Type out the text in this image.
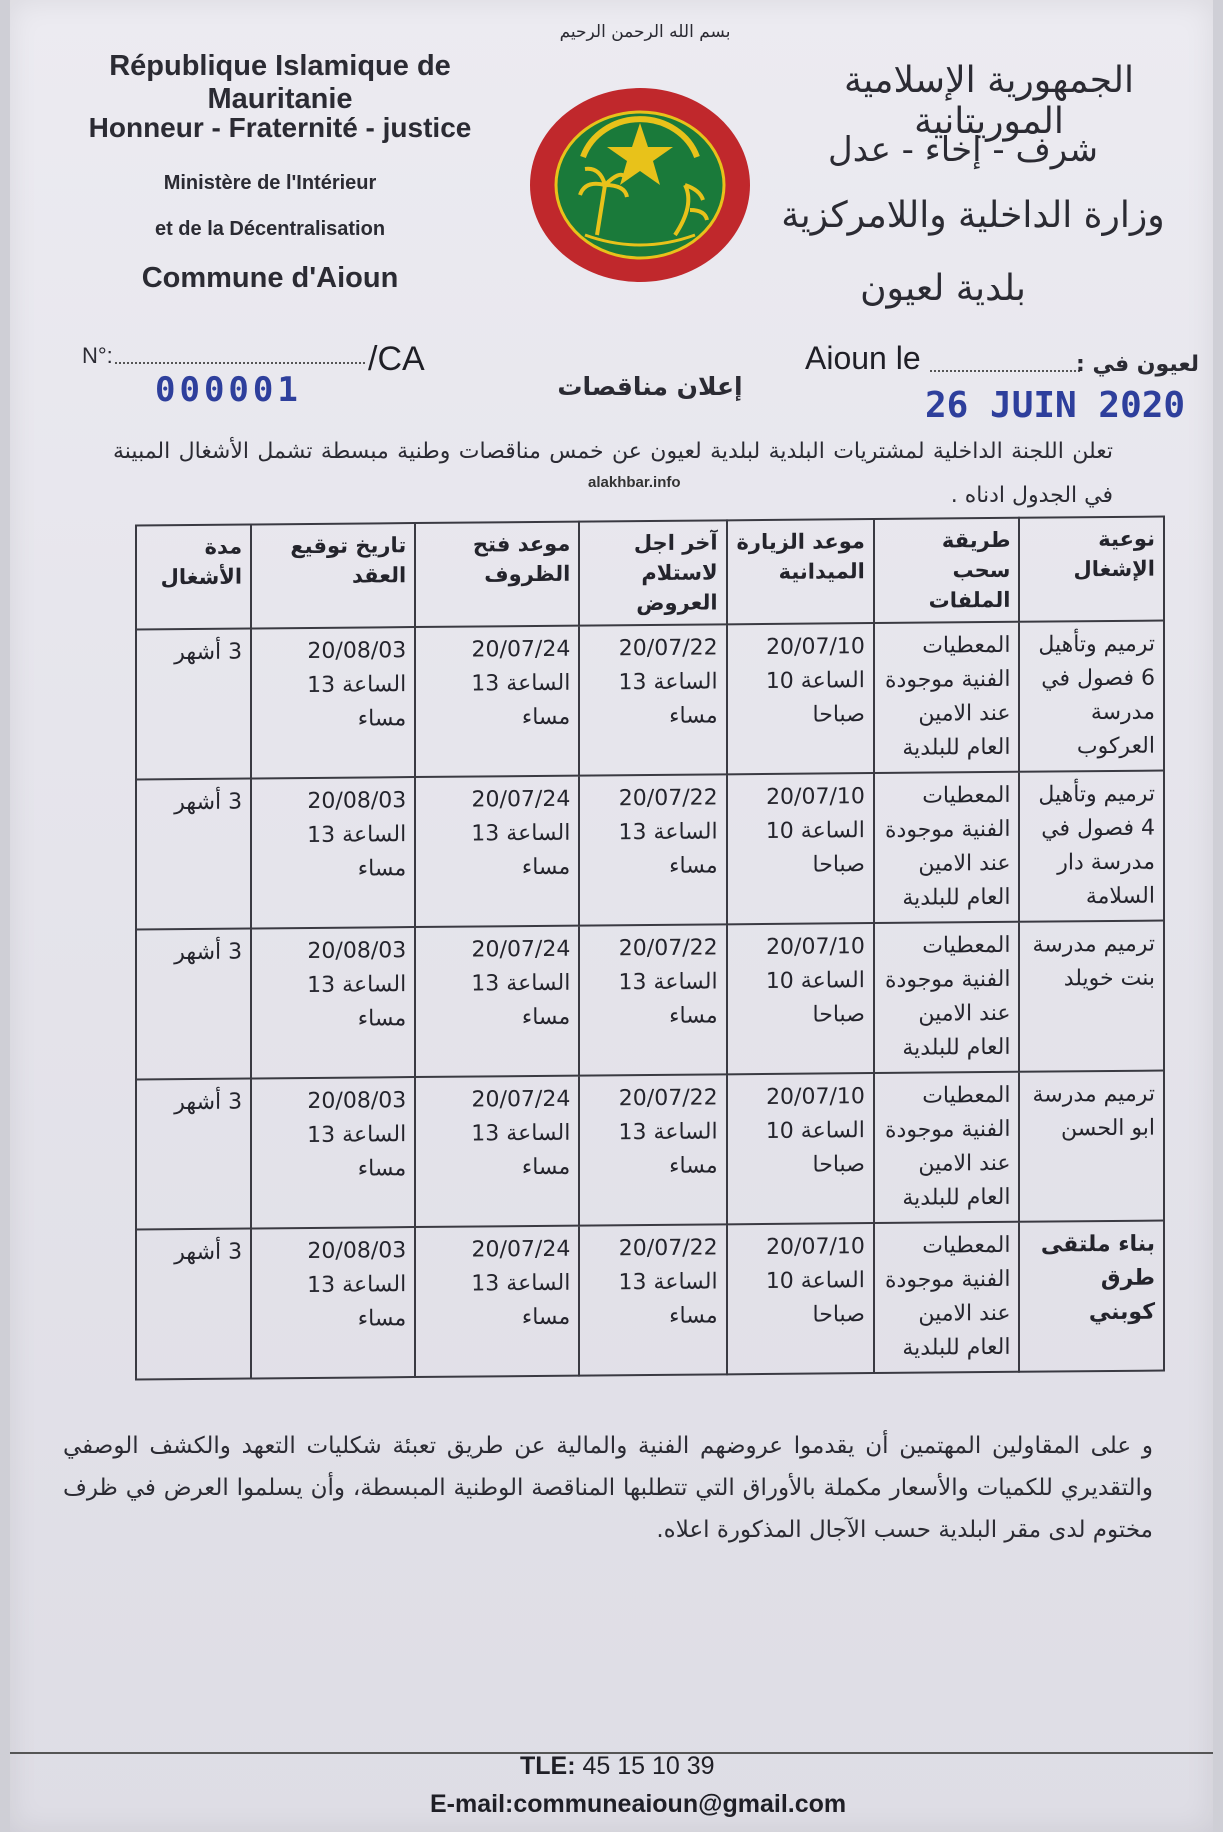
بسم الله الرحمن الرحيم
République Islamique de Mauritanie
Honneur - Fraternité - justice
Ministère de l'Intérieur
et de la Décentralisation
Commune d'Aioun
الجمهورية الإسلامية الموريتانية
شرف - إخاء - عدل
وزارة الداخلية واللامركزية
بلدية لعيون
N°:	/CA
000001	إعلان مناقصات
Aioun le	لعيون في :
26 JUIN 2020
تعلن اللجنة الداخلية لمشتريات البلدية لبلدية لعيون عن خمس مناقصات وطنية مبسطة تشمل الأشغال المبينة في الجدول ادناه .
alakhbar.info
نوعية الإشغال	طريقة سحب الملفات	موعد الزيارة الميدانية	آخر اجل لاستلام العروض	موعد فتح الظروف	تاريخ توقيع العقد	مدة الأشغال
ترميم وتأهيل 6 فصول في مدرسة العركوب	المعطيات الفنية موجودة عند الامين العام للبلدية	20/07/10 الساعة 10 صباحا	20/07/22 الساعة 13 مساء	20/07/24 الساعة 13 مساء	20/08/03 الساعة 13 مساء	3 أشهر
ترميم وتأهيل 4 فصول في مدرسة دار السلامة	المعطيات الفنية موجودة عند الامين العام للبلدية	20/07/10 الساعة 10 صباحا	20/07/22 الساعة 13 مساء	20/07/24 الساعة 13 مساء	20/08/03 الساعة 13 مساء	3 أشهر
ترميم مدرسة بنت خويلد	المعطيات الفنية موجودة عند الامين العام للبلدية	20/07/10 الساعة 10 صباحا	20/07/22 الساعة 13 مساء	20/07/24 الساعة 13 مساء	20/08/03 الساعة 13 مساء	3 أشهر
ترميم مدرسة ابو الحسن	المعطيات الفنية موجودة عند الامين العام للبلدية	20/07/10 الساعة 10 صباحا	20/07/22 الساعة 13 مساء	20/07/24 الساعة 13 مساء	20/08/03 الساعة 13 مساء	3 أشهر
بناء ملتقى طرق كوبني	المعطيات الفنية موجودة عند الامين العام للبلدية	20/07/10 الساعة 10 صباحا	20/07/22 الساعة 13 مساء	20/07/24 الساعة 13 مساء	20/08/03 الساعة 13 مساء	3 أشهر
و على المقاولين المهتمين أن يقدموا عروضهم الفنية والمالية عن طريق تعبئة شكليات التعهد والكشف الوصفي والتقديري للكميات والأسعار مكملة بالأوراق التي تتطلبها المناقصة الوطنية المبسطة، وأن يسلموا العرض في ظرف مختوم لدى مقر البلدية حسب الآجال المذكورة اعلاه.
TLE: 45 15 10 39
E-mail:communeaioun@gmail.com
